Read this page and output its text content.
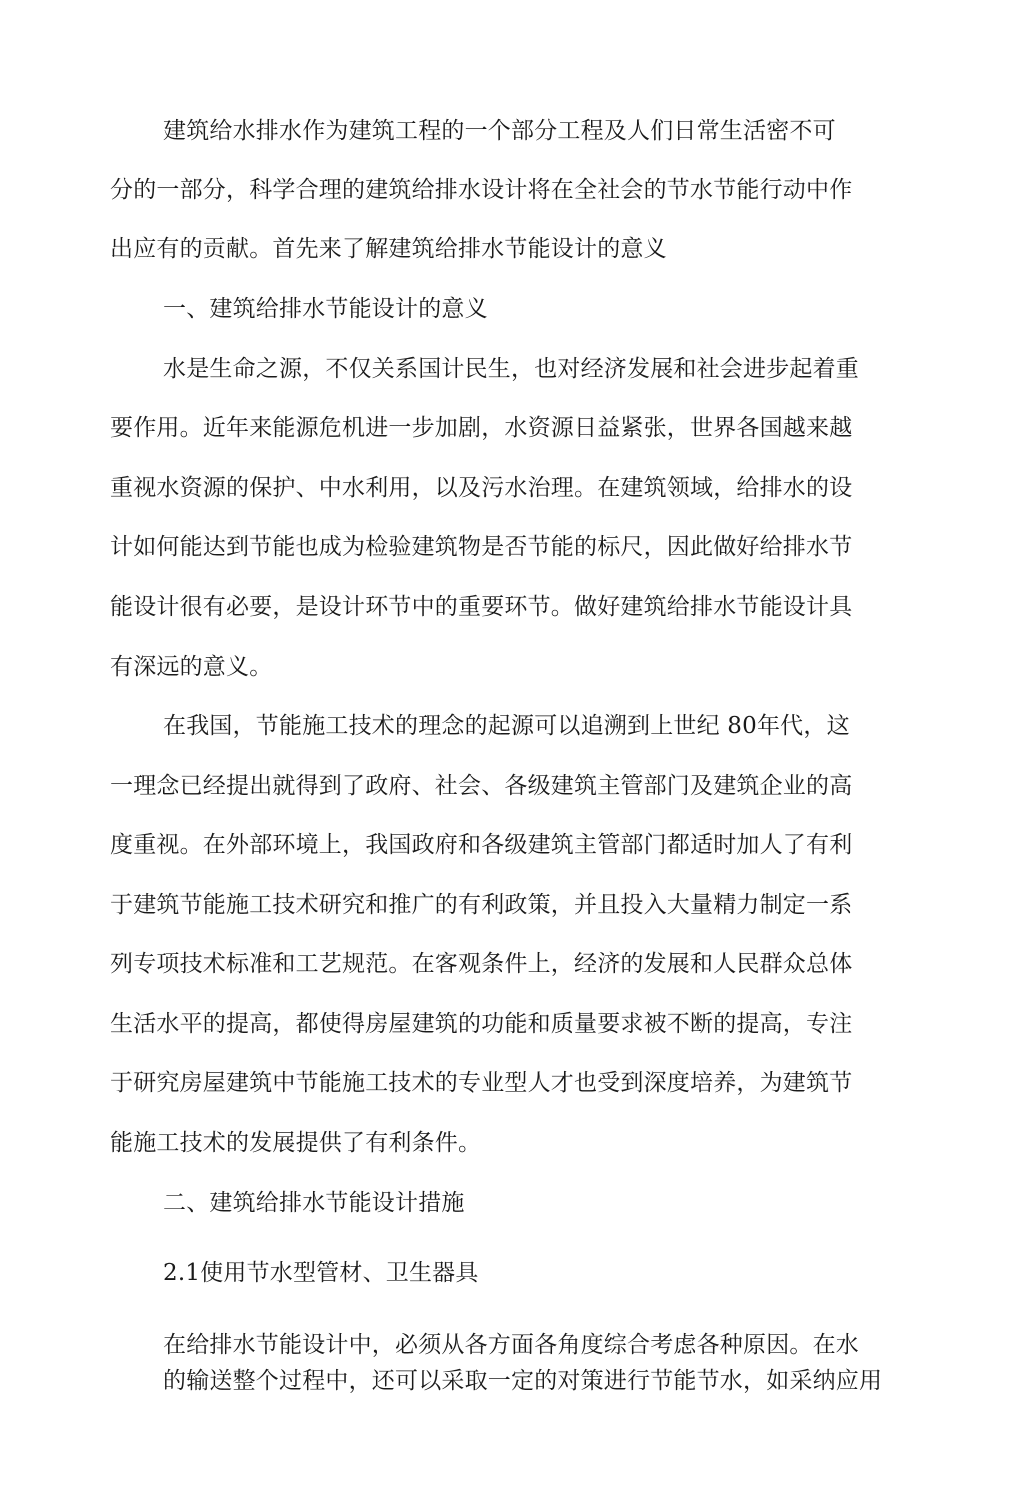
建筑给水排水作为建筑工程的一个部分工程及人们日常生活密不可
分的一部分，科学合理的建筑给排水设计将在全社会的节水节能行动中作
出应有的贡献。首先来了解建筑给排水节能设计的意义
一、建筑给排水节能设计的意义
水是生命之源，不仅关系国计民生，也对经济发展和社会进步起着重
要作用。近年来能源危机进一步加剧，水资源日益紧张，世界各国越来越
重视水资源的保护、中水利用，以及污水治理。在建筑领域，给排水的设
计如何能达到节能也成为检验建筑物是否节能的标尺，因此做好给排水节
能设计很有必要，是设计环节中的重要环节。做好建筑给排水节能设计具
有深远的意义。
在我国，节能施工技术的理念的起源可以追溯到上世纪 80年代，这
一理念已经提出就得到了政府、社会、各级建筑主管部门及建筑企业的高
度重视。在外部环境上，我国政府和各级建筑主管部门都适时加人了有利
于建筑节能施工技术研究和推广的有利政策，并且投入大量精力制定一系
列专项技术标准和工艺规范。在客观条件上，经济的发展和人民群众总体
生活水平的提高，都使得房屋建筑的功能和质量要求被不断的提高，专注
于研究房屋建筑中节能施工技术的专业型人才也受到深度培养，为建筑节
能施工技术的发展提供了有利条件。
二、建筑给排水节能设计措施
2.1使用节水型管材、卫生器具
在给排水节能设计中，必须从各方面各角度综合考虑各种原因。在水
的输送整个过程中，还可以采取一定的对策进行节能节水，如采纳应用
